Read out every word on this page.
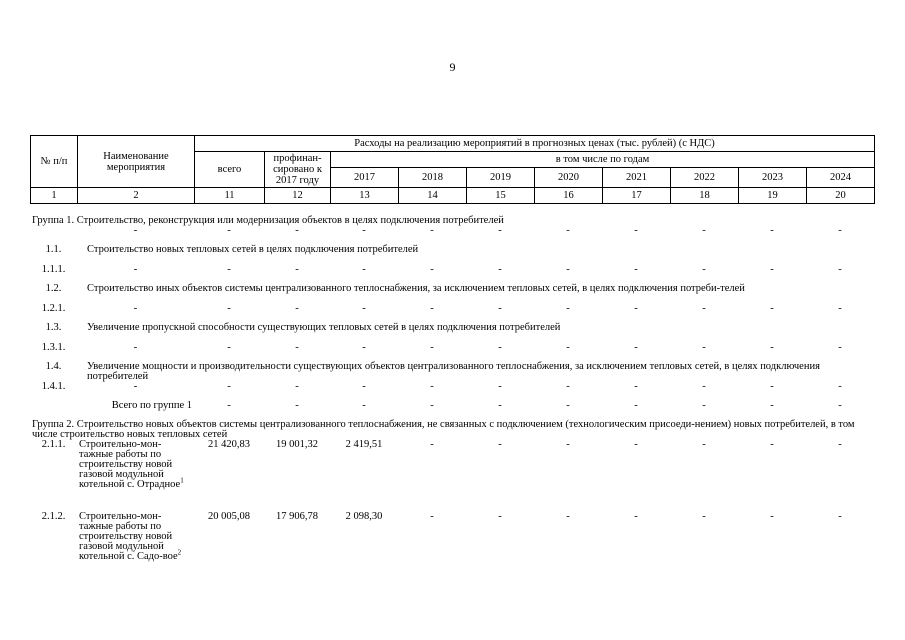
9
№ п/п	Наименование мероприятия	Расходы на реализацию мероприятий в прогнозных ценах (тыс. рублей) (с НДС)									
		всего	профинан-сировано к 2017 году	в том числе по годам							
				2017	2018	2019	2020	2021	2022	2023	2024
1	2	11	12	13	14	15	16	17	18	19	20
Группа 1. Строительство, реконструкция или модернизация объектов в целях подключения потребителей											
	-	-	-	-	-	-	-	-	-	-	-
1.1.	Строительство новых тепловых сетей в целях подключения потребителей										
1.1.1.	-	-	-	-	-	-	-	-	-	-	-
1.2.	Строительство иных объектов системы централизованного теплоснабжения, за исключением тепловых сетей, в целях подключения потреби-телей										
1.2.1.	-	-	-	-	-	-	-	-	-	-	-
1.3.	Увеличение пропускной способности существующих тепловых сетей в целях подключения потребителей										
1.3.1.	-	-	-	-	-	-	-	-	-	-	-
1.4.	Увеличение мощности и производительности существующих объектов централизованного теплоснабжения, за исключением тепловых сетей, в целях подключения потребителей										
1.4.1.	-	-	-	-	-	-	-	-	-	-	-
	Всего по группе 1	-	-	-	-	-	-	-	-	-	-
Группа 2. Строительство новых объектов системы централизованного теплоснабжения, не связанных с подключением (технологическим присоеди-нением) новых потребителей, в том числе строительство новых тепловых сетей											
2.1.1.	Строительно-мон-тажные работы по строительству новой газовой модульной котельной с. Отрадное$^1$	21 420,83	19 001,32	2 419,51	-	-	-	-	-	-	-
2.1.2.	Строительно-мон-тажные работы по строительству новой газовой модульной котельной с. Садо-вое$^2$	20 005,08	17 906,78	2 098,30	-	-	-	-	-	-	-
